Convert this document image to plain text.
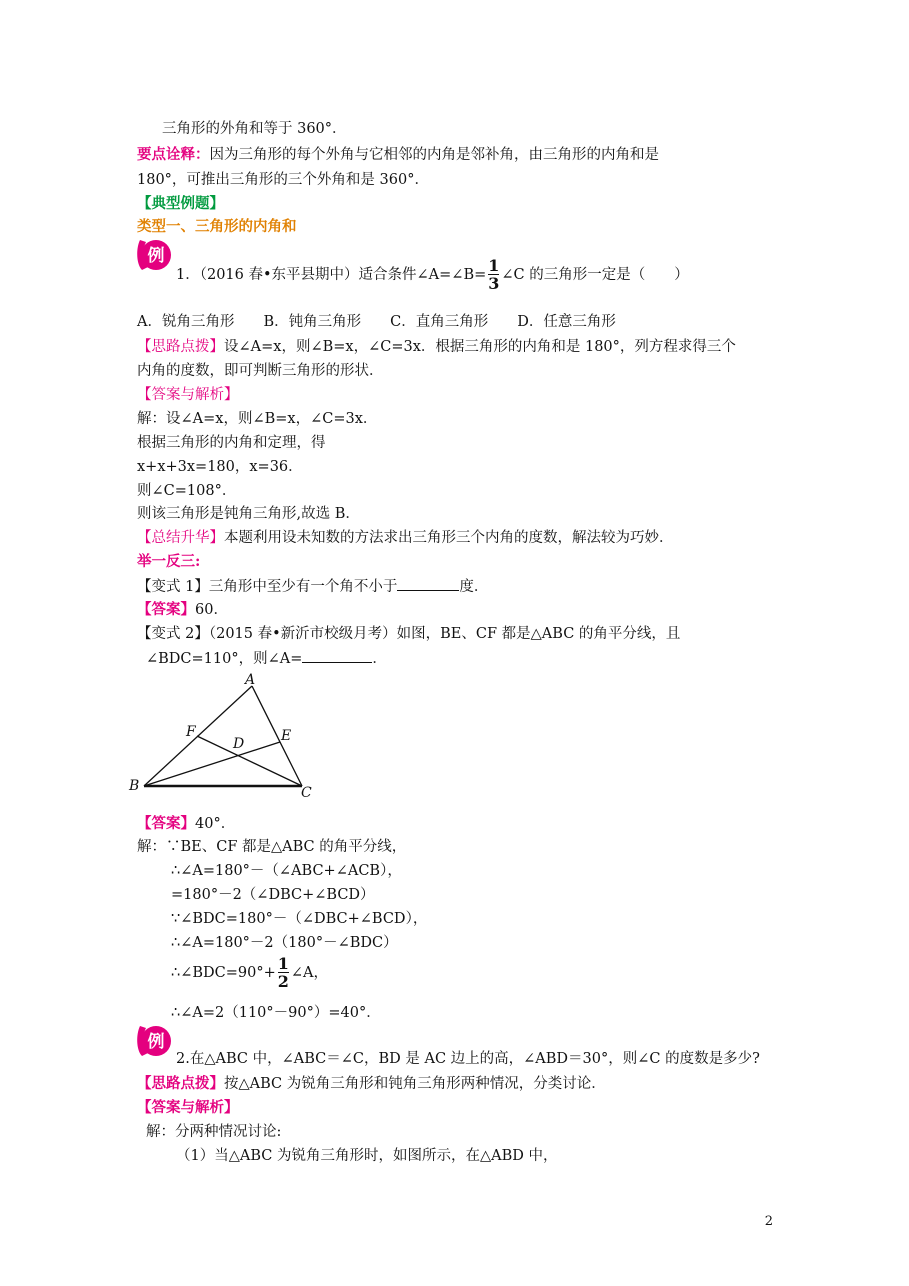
三角形的外角和等于 360°．
要点诠释：因为三角形的每个外角与它相邻的内角是邻补角，由三角形的内角和是
180°，可推出三角形的三个外角和是 360°．
【典型例题】
类型一、三角形的内角和
例
1．（2016 春•东平县期中）适合条件∠A=∠B= $\frac{1}{3}$ ∠C 的三角形一定是（　　）
A．锐角三角形　　B．钝角三角形　　C．直角三角形　　D．任意三角形
【思路点拨】设∠A=x，则∠B=x，∠C=3x．根据三角形的内角和是 180°，列方程求得三个
内角的度数，即可判断三角形的形状．
【答案与解析】
解：设∠A=x，则∠B=x，∠C=3x．
根据三角形的内角和定理，得
x+x+3x=180，x=36．
则∠C=108°．
则该三角形是钝角三角形,故选 B．
【总结升华】本题利用设未知数的方法求出三角形三个内角的度数，解法较为巧妙．
举一反三:
【变式 1】三角形中至少有一个角不小于	度．
【答案】60．
【变式 2】（2015 春•新沂市校级月考）如图，BE、CF 都是△ABC 的角平分线，且
∠BDC=110°，则∠A=	．
A
B	C
D	E
F
【答案】40°．
解：∵BE、CF 都是△ABC 的角平分线，
∴∠A=180°－（∠ABC+∠ACB），
=180°－2（∠DBC+∠BCD）
∵∠BDC=180°－（∠DBC+∠BCD），
∴∠A=180°－2（180°－∠BDC）
∴∠BDC=90°+ $\frac{1}{2}$ ∠A，
∴∠A=2（110°－90°）=40°．
例
2.在△ABC 中，∠ABC＝∠C，BD 是 AC 边上的高，∠ABD＝30°，则∠C 的度数是多少?
【思路点拨】按△ABC 为锐角三角形和钝角三角形两种情况，分类讨论．
【答案与解析】
解：分两种情况讨论:
（1）当△ABC 为锐角三角形时，如图所示，在△ABD 中，
2
